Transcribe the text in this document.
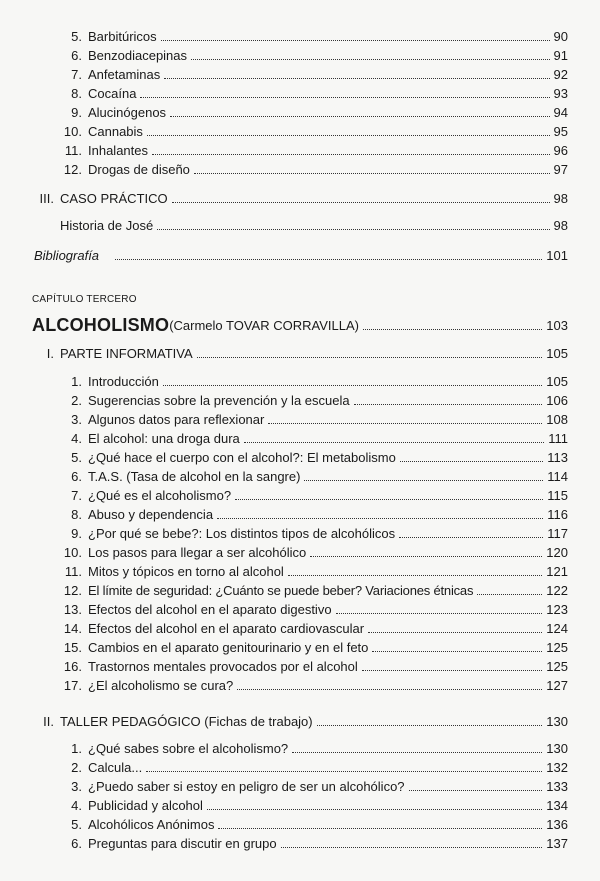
5. Barbitúricos	90
6. Benzodiacepinas	91
7. Anfetaminas	92
8. Cocaína	93
9. Alucinógenos	94
10. Cannabis	95
11. Inhalantes	96
12. Drogas de diseño	97
III. CASO PRÁCTICO	98
Historia de José	98
Bibliografía	101
CAPÍTULO TERCERO
ALCOHOLISMO (Carmelo TOVAR CORRAVILLA)	103
I. PARTE INFORMATIVA	105
1. Introducción	105
2. Sugerencias sobre la prevención y la escuela	106
3. Algunos datos para reflexionar	108
4. El alcohol: una droga dura	111
5. ¿Qué hace el cuerpo con el alcohol?: El metabolismo	113
6. T.A.S. (Tasa de alcohol en la sangre)	114
7. ¿Qué es el alcoholismo?	115
8. Abuso y dependencia	116
9. ¿Por qué se bebe?: Los distintos tipos de alcohólicos	117
10. Los pasos para llegar a ser alcohólico	120
11. Mitos y tópicos en torno al alcohol	121
12. El límite de seguridad: ¿Cuánto se puede beber? Variaciones étnicas	122
13. Efectos del alcohol en el aparato digestivo	123
14. Efectos del alcohol en el aparato cardiovascular	124
15. Cambios en el aparato genitourinario y en el feto	125
16. Trastornos mentales provocados por el alcohol	125
17. ¿El alcoholismo se cura?	127
II. TALLER PEDAGÓGICO (Fichas de trabajo)	130
1. ¿Qué sabes sobre el alcoholismo?	130
2. Calcula...	132
3. ¿Puedo saber si estoy en peligro de ser un alcohólico?	133
4. Publicidad y alcohol	134
5. Alcohólicos Anónimos	136
6. Preguntas para discutir en grupo	137
